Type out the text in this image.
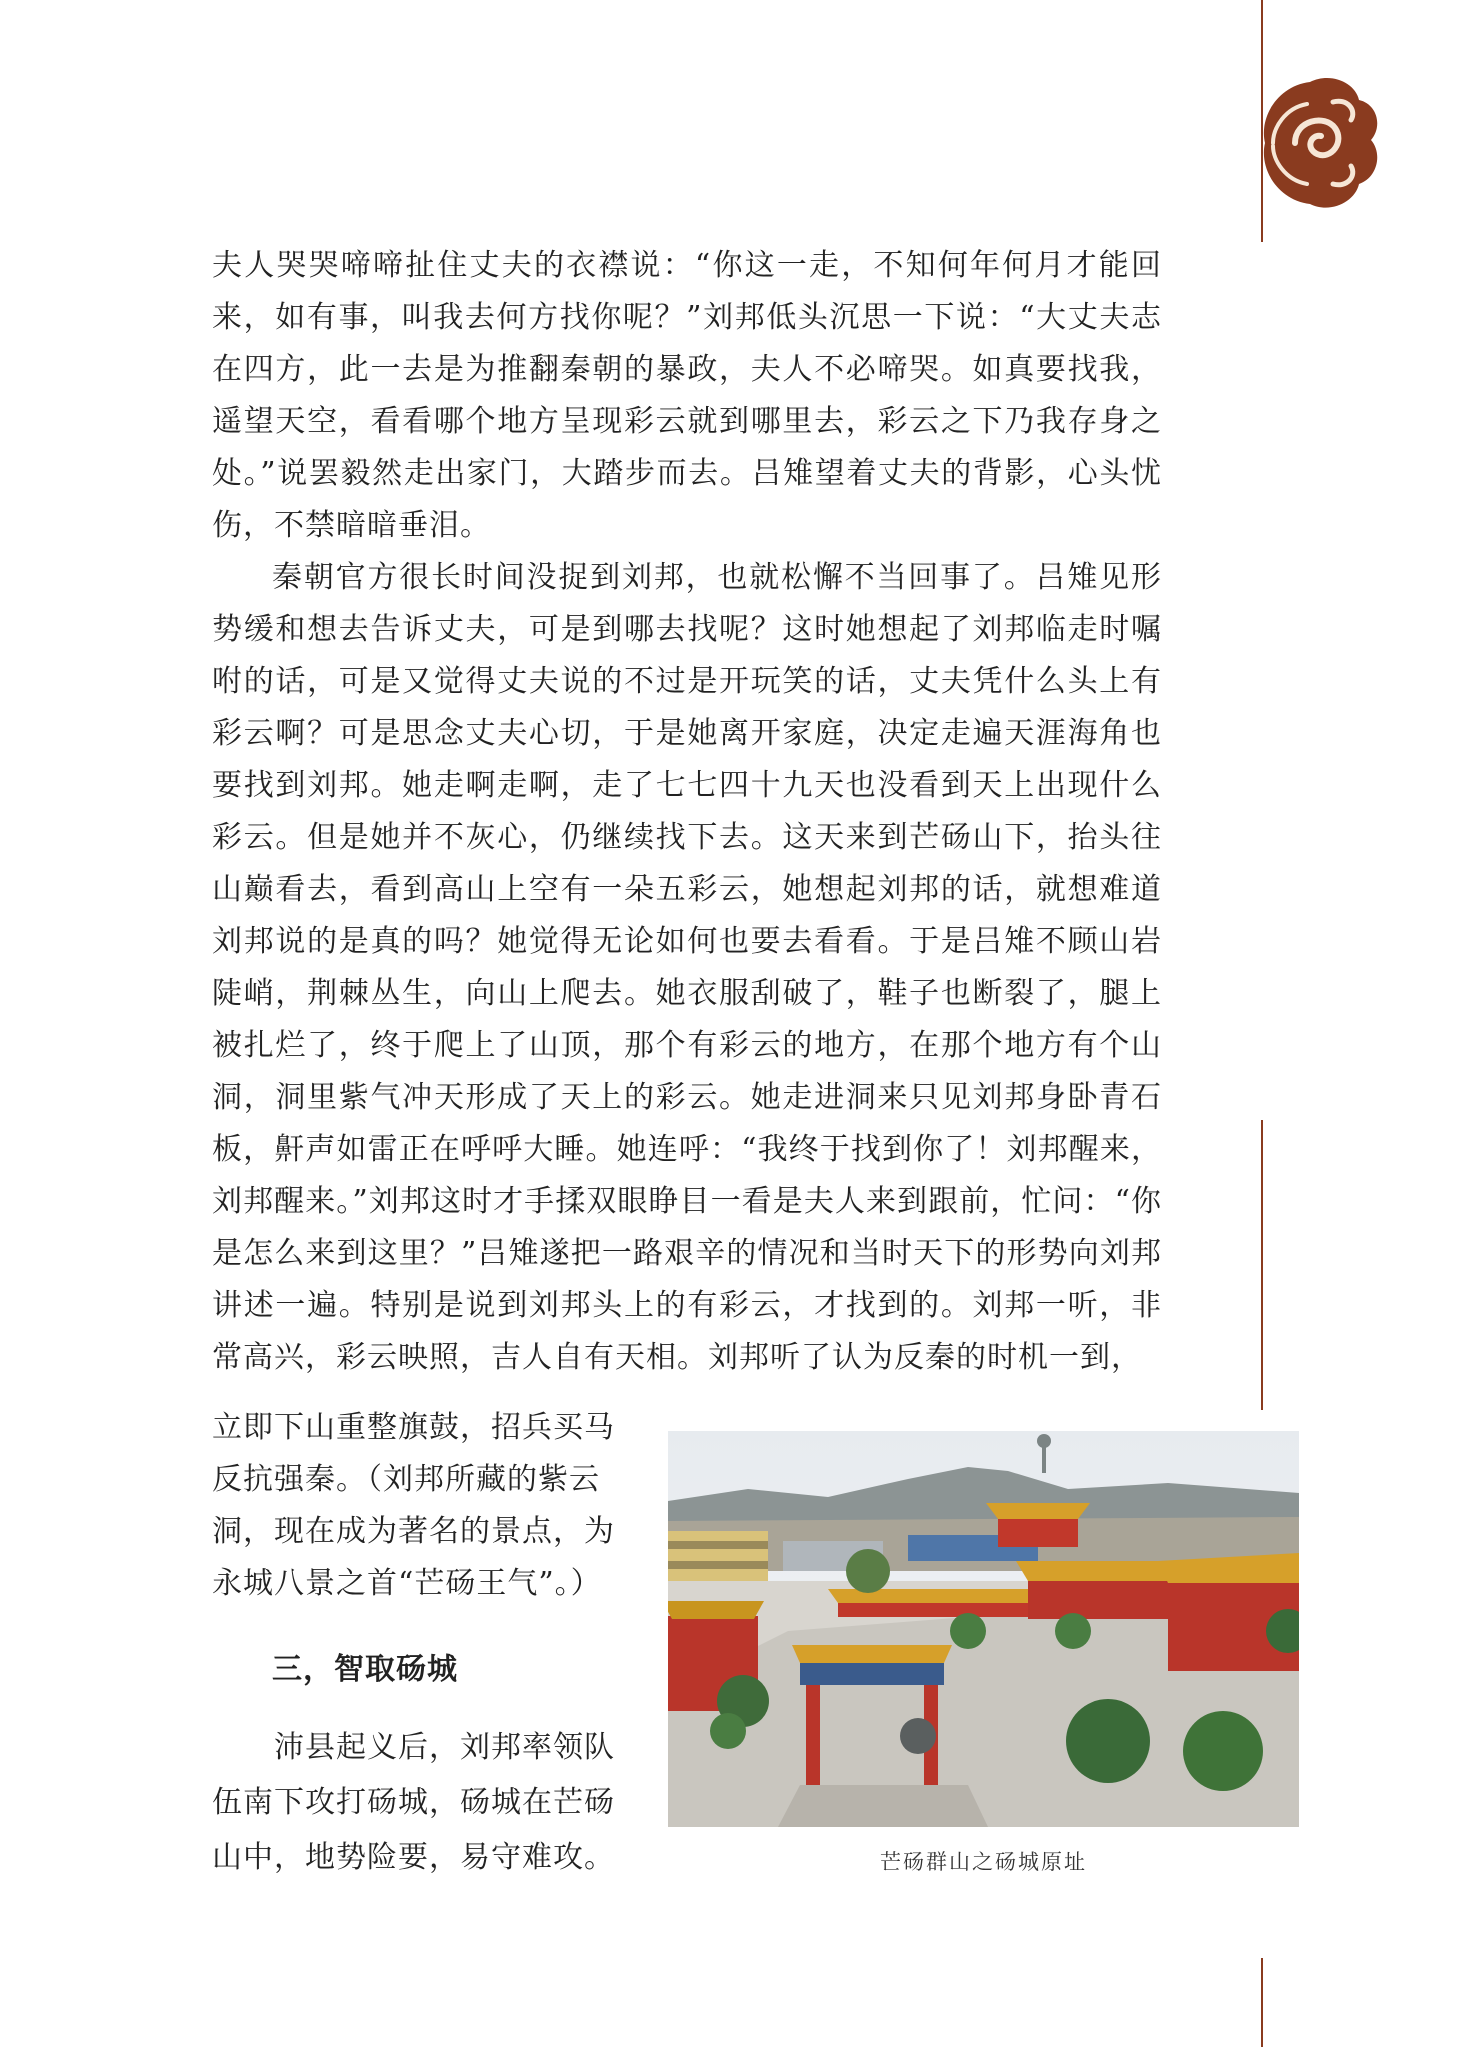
夫人哭哭啼啼扯住丈夫的衣襟说：“你这一走，不知何年何月才能回来，如有事，叫我去何方找你呢？”刘邦低头沉思一下说：“大丈夫志在四方，此一去是为推翻秦朝的暴政，夫人不必啼哭。如真要找我，遥望天空，看看哪个地方呈现彩云就到哪里去，彩云之下乃我存身之处。”说罢毅然走出家门，大踏步而去。吕雉望着丈夫的背影，心头忧伤，不禁暗暗垂泪。

秦朝官方很长时间没捉到刘邦，也就松懈不当回事了。吕雉见形势缓和想去告诉丈夫，可是到哪去找呢？这时她想起了刘邦临走时嘱咐的话，可是又觉得丈夫说的不过是开玩笑的话，丈夫凭什么头上有彩云啊？可是思念丈夫心切，于是她离开家庭，决定走遍天涯海角也要找到刘邦。她走啊走啊，走了七七四十九天也没看到天上出现什么彩云。但是她并不灰心，仍继续找下去。这天来到芒砀山下，抬头往山巅看去，看到高山上空有一朵五彩云，她想起刘邦的话，就想难道刘邦说的是真的吗？她觉得无论如何也要去看看。于是吕雉不顾山岩陡峭，荆棘丛生，向山上爬去。她衣服刮破了，鞋子也断裂了，腿上被扎烂了，终于爬上了山顶，那个有彩云的地方，在那个地方有个山洞，洞里紫气冲天形成了天上的彩云。她走进洞来只见刘邦身卧青石板，鼾声如雷正在呼呼大睡。她连呼：“我终于找到你了！刘邦醒来，刘邦醒来。”刘邦这时才手揉双眼睁目一看是夫人来到跟前，忙问：“你是怎么来到这里？”吕雉遂把一路艰辛的情况和当时天下的形势向刘邦讲述一遍。特别是说到刘邦头上的有彩云，才找到的。刘邦一听，非常高兴，彩云映照，吉人自有天相。刘邦听了认为反秦的时机一到，

立即下山重整旗鼓，招兵买马

反抗强秦。（刘邦所藏的紫云

洞，现在成为著名的景点，为

永城八景之首“芒砀王气”。）

三，智取砀城

　　沛县起义后，刘邦率领队

伍南下攻打砀城，砀城在芒砀

山中，地势险要，易守难攻。	芒砀群山之砀城原址
